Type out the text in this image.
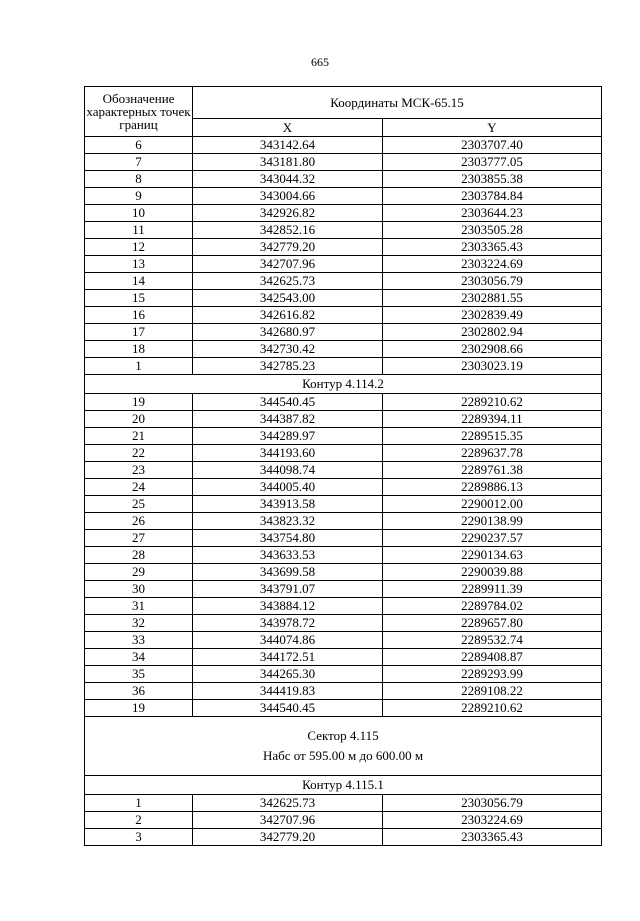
665
Обозначение характерных точек границ	Координаты МСК-65.15	
	X	Y
6	343142.64	2303707.40
7	343181.80	2303777.05
8	343044.32	2303855.38
9	343004.66	2303784.84
10	342926.82	2303644.23
11	342852.16	2303505.28
12	342779.20	2303365.43
13	342707.96	2303224.69
14	342625.73	2303056.79
15	342543.00	2302881.55
16	342616.82	2302839.49
17	342680.97	2302802.94
18	342730.42	2302908.66
1	342785.23	2303023.19
Контур 4.114.2		
19	344540.45	2289210.62
20	344387.82	2289394.11
21	344289.97	2289515.35
22	344193.60	2289637.78
23	344098.74	2289761.38
24	344005.40	2289886.13
25	343913.58	2290012.00
26	343823.32	2290138.99
27	343754.80	2290237.57
28	343633.53	2290134.63
29	343699.58	2290039.88
30	343791.07	2289911.39
31	343884.12	2289784.02
32	343978.72	2289657.80
33	344074.86	2289532.74
34	344172.51	2289408.87
35	344265.30	2289293.99
36	344419.83	2289108.22
19	344540.45	2289210.62

Сектор 4.115
Набс от 595.00 м до 600.00 м		

Контур 4.115.1		
1	342625.73	2303056.79
2	342707.96	2303224.69
3	342779.20	2303365.43
